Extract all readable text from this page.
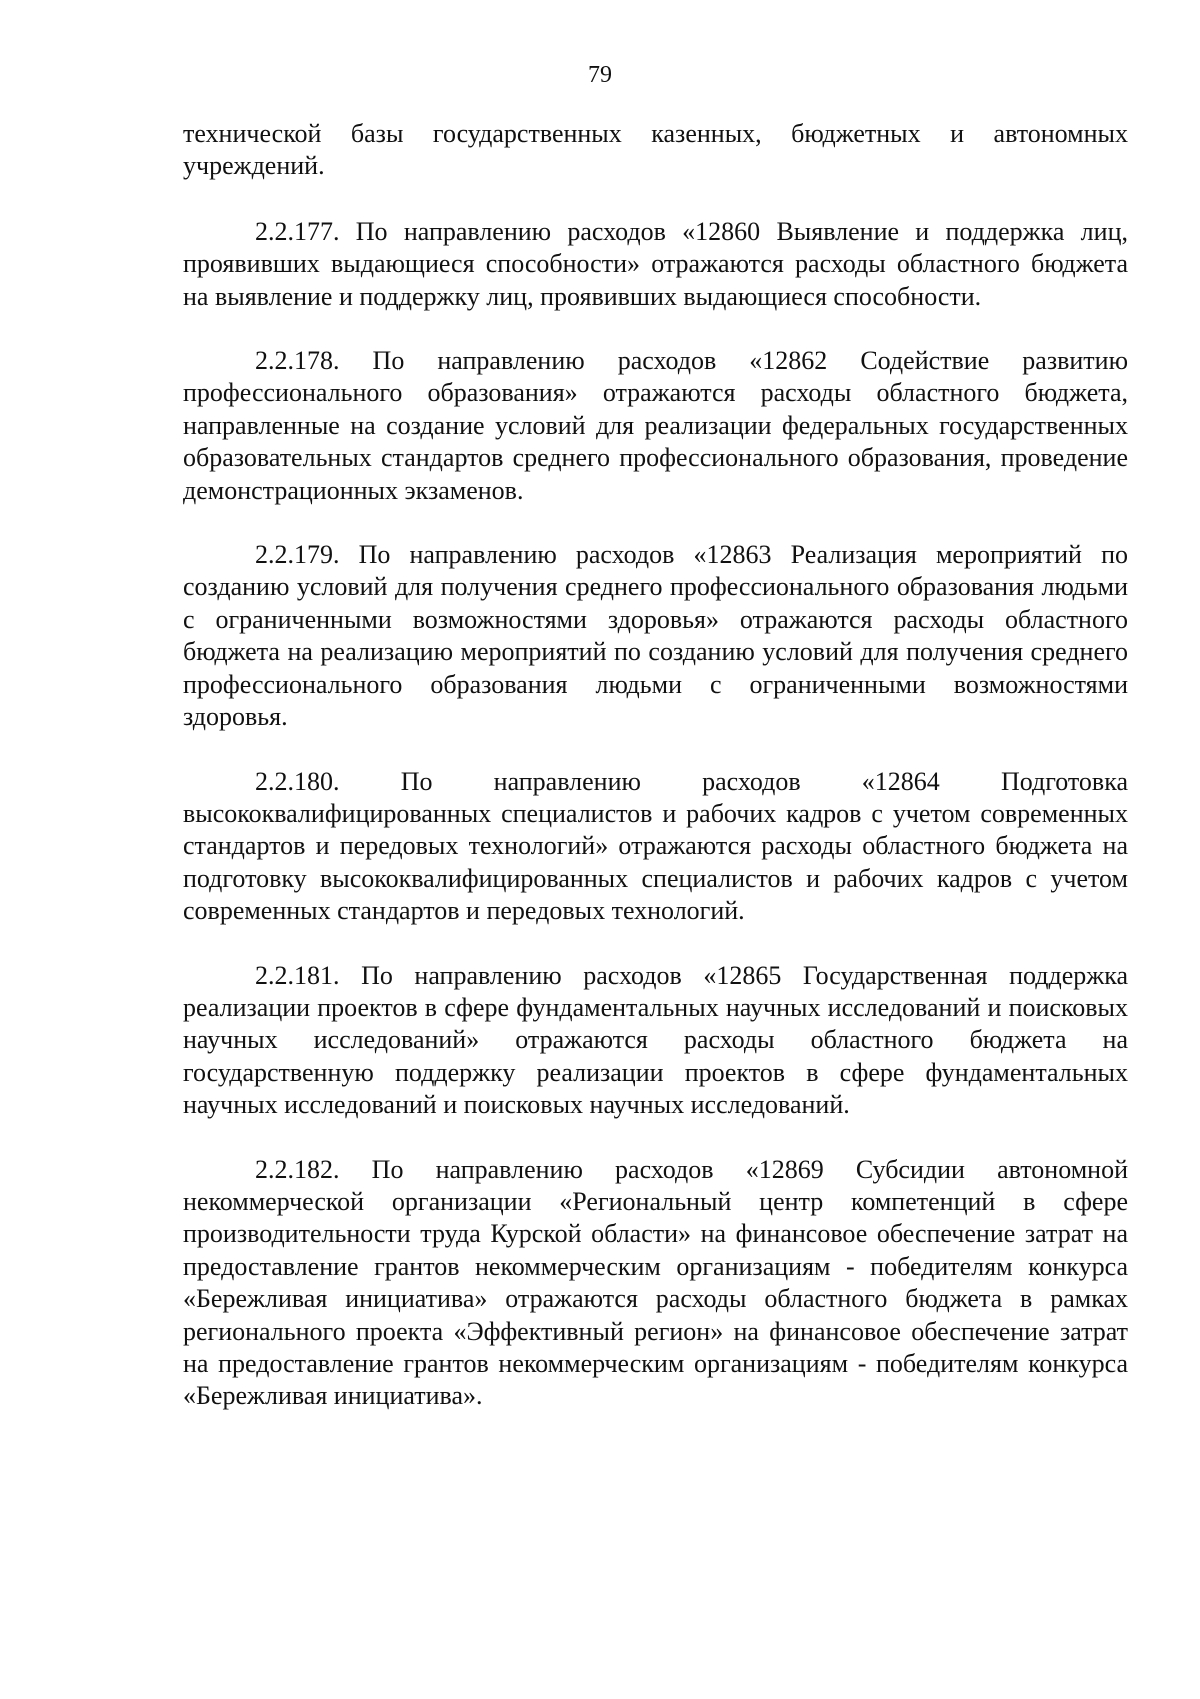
79

технической базы государственных казенных, бюджетных и автономных учреждений.

2.2.177. По направлению расходов «12860 Выявление и поддержка лиц, проявивших выдающиеся способности» отражаются расходы областного бюджета на выявление и поддержку лиц, проявивших выдающиеся способности.

2.2.178. По направлению расходов «12862 Содействие развитию профессионального образования» отражаются расходы областного бюджета, направленные на создание условий для реализации федеральных государственных образовательных стандартов среднего профессионального образования, проведение демонстрационных экзаменов.

2.2.179. По направлению расходов «12863 Реализация мероприятий по созданию условий для получения среднего профессионального образования людьми с ограниченными возможностями здоровья» отражаются расходы областного бюджета на реализацию мероприятий по созданию условий для получения среднего профессионального образования людьми с ограниченными возможностями здоровья.

2.2.180. По направлению расходов «12864 Подготовка высококвалифицированных специалистов и рабочих кадров с учетом современных стандартов и передовых технологий» отражаются расходы областного бюджета на подготовку высококвалифицированных специалистов и рабочих кадров с учетом современных стандартов и передовых технологий.

2.2.181. По направлению расходов «12865 Государственная поддержка реализации проектов в сфере фундаментальных научных исследований и поисковых научных исследований» отражаются расходы областного бюджета на государственную поддержку реализации проектов в сфере фундаментальных научных исследований и поисковых научных исследований.

2.2.182. По направлению расходов «12869 Субсидии автономной некоммерческой организации «Региональный центр компетенций в сфере производительности труда Курской области» на финансовое обеспечение затрат на предоставление грантов некоммерческим организациям - победителям конкурса «Бережливая инициатива» отражаются расходы областного бюджета в рамках регионального проекта «Эффективный регион» на финансовое обеспечение затрат на предоставление грантов некоммерческим организациям - победителям конкурса «Бережливая инициатива».
